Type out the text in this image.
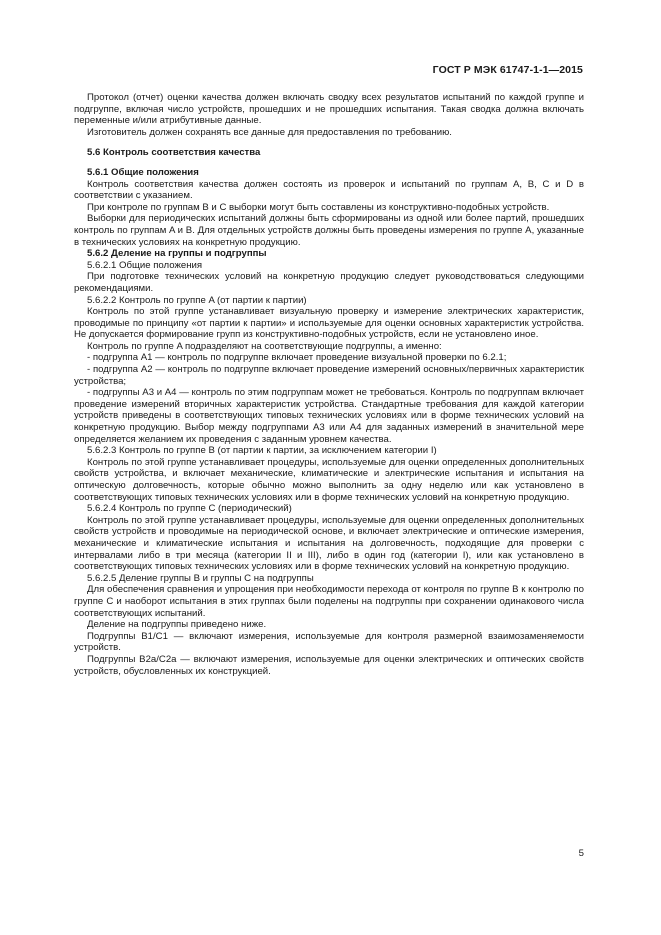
ГОСТ Р МЭК 61747-1-1—2015

Протокол (отчет) оценки качества должен включать сводку всех результатов испытаний по каждой группе и подгруппе, включая число устройств, прошедших и не прошедших испытания. Такая сводка должна включать переменные и/или атрибутивные данные.

Изготовитель должен сохранять все данные для предоставления по требованию.

5.6 Контроль соответствия качества

5.6.1 Общие положения

Контроль соответствия качества должен состоять из проверок и испытаний по группам A, B, C и D в соответствии с указанием.

При контроле по группам B и C выборки могут быть составлены из конструктивно-подобных устройств.

Выборки для периодических испытаний должны быть сформированы из одной или более партий, прошедших контроль по группам A и B. Для отдельных устройств должны быть проведены измерения по группе A, указанные в технических условиях на конкретную продукцию.

5.6.2 Деление на группы и подгруппы

5.6.2.1 Общие положения

При подготовке технических условий на конкретную продукцию следует руководствоваться следующими рекомендациями.

5.6.2.2 Контроль по группе A (от партии к партии)

Контроль по этой группе устанавливает визуальную проверку и измерение электрических характеристик, проводимые по принципу «от партии к партии» и используемые для оценки основных характеристик устройства. Не допускается формирование групп из конструктивно-подобных устройств, если не установлено иное.

Контроль по группе A подразделяют на соответствующие подгруппы, а именно:

- подгруппа A1 — контроль по подгруппе включает проведение визуальной проверки по 6.2.1;

- подгруппа A2 — контроль по подгруппе включает проведение измерений основных/первичных характеристик устройства;

- подгруппы A3 и A4 — контроль по этим подгруппам может не требоваться. Контроль по подгруппам включает проведение измерений вторичных характеристик устройства. Стандартные требования для каждой категории устройств приведены в соответствующих типовых технических условиях или в форме технических условий на конкретную продукцию. Выбор между подгруппами A3 или A4 для заданных измерений в значительной мере определяется желанием их проведения с заданным уровнем качества.

5.6.2.3 Контроль по группе B (от партии к партии, за исключением категории I)

Контроль по этой группе устанавливает процедуры, используемые для оценки определенных дополнительных свойств устройства, и включает механические, климатические и электрические испытания и испытания на оптическую долговечность, которые обычно можно выполнить за одну неделю или как установлено в соответствующих типовых технических условиях или в форме технических условий на конкретную продукцию.

5.6.2.4 Контроль по группе C (периодический)

Контроль по этой группе устанавливает процедуры, используемые для оценки определенных дополнительных свойств устройств и проводимые на периодической основе, и включает электрические и оптические измерения, механические и климатические испытания и испытания на долговечность, подходящие для проверки с интервалами либо в три месяца (категории II и III), либо в один год (категории I), или как установлено в соответствующих типовых технических условиях или в форме технических условий на конкретную продукцию.

5.6.2.5 Деление группы B и группы C на подгруппы

Для обеспечения сравнения и упрощения при необходимости перехода от контроля по группе B к контролю по группе C и наоборот испытания в этих группах были поделены на подгруппы при сохранении одинакового числа соответствующих испытаний.

Деление на подгруппы приведено ниже.

Подгруппы B1/C1 — включают измерения, используемые для контроля размерной взаимозаменяемости устройств.

Подгруппы B2a/C2a — включают измерения, используемые для оценки электрических и оптических свойств устройств, обусловленных их конструкцией.

5
